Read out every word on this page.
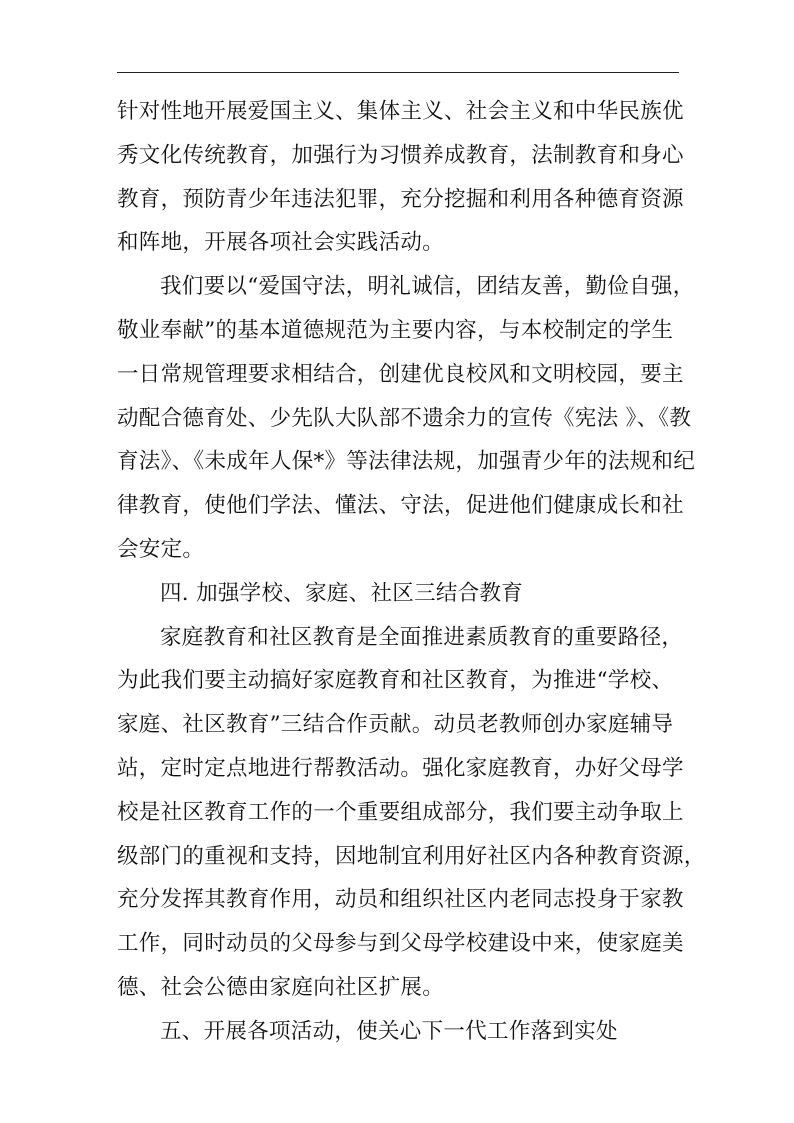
针对性地开展爱国主义、集体主义、社会主义和中华民族优
秀文化传统教育，加强行为习惯养成教育，法制教育和身心
教育，预防青少年违法犯罪，充分挖掘和利用各种德育资源
和阵地，开展各项社会实践活动。
我们要以“爱国守法，明礼诚信，团结友善，勤俭自强，
敬业奉献”的基本道德规范为主要内容，与本校制定的学生
一日常规管理要求相结合，创建优良校风和文明校园，要主
动配合德育处、少先队大队部不遗余力的宣传《宪法 》、《教
育法》、《未成年人保*》等法律法规，加强青少年的法规和纪
律教育，使他们学法、懂法、守法，促进他们健康成长和社
会安定。
四. 加强学校、家庭、社区三结合教育
家庭教育和社区教育是全面推进素质教育的重要路径，
为此我们要主动搞好家庭教育和社区教育，为推进“学校、
家庭、社区教育”三结合作贡献。动员老教师创办家庭辅导
站，定时定点地进行帮教活动。强化家庭教育，办好父母学
校是社区教育工作的一个重要组成部分，我们要主动争取上
级部门的重视和支持，因地制宜利用好社区内各种教育资源，
充分发挥其教育作用，动员和组织社区内老同志投身于家教
工作，同时动员的父母参与到父母学校建设中来，使家庭美
德、社会公德由家庭向社区扩展。
五、开展各项活动，使关心下一代工作落到实处
